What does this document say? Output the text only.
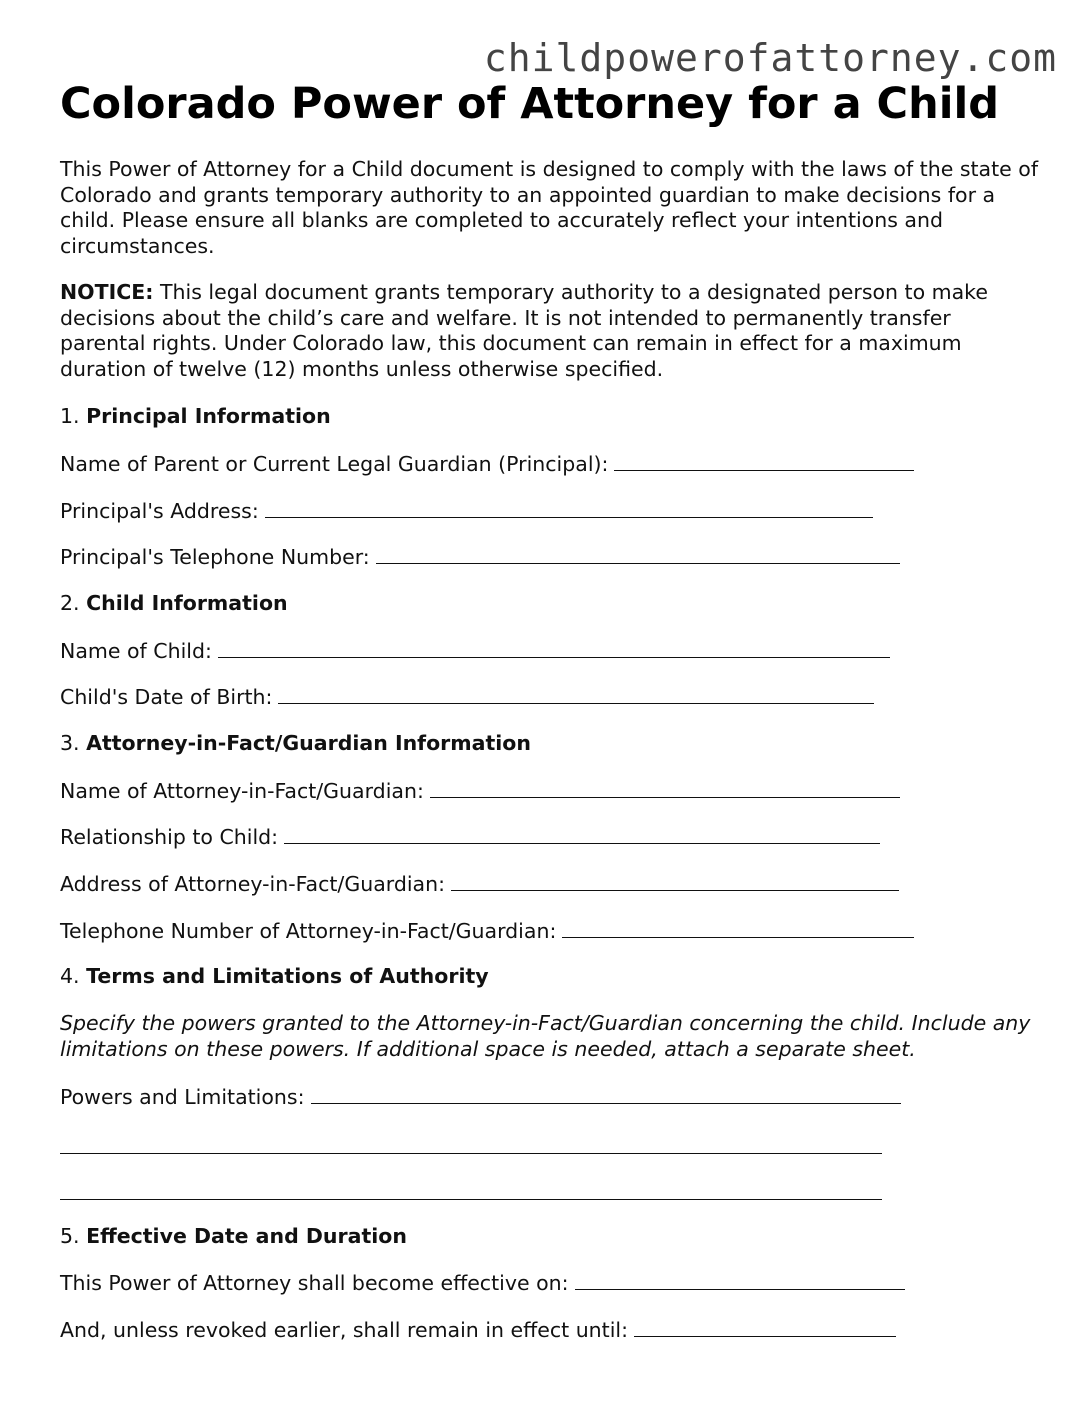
childpowerofattorney.com
Colorado Power of Attorney for a Child

This Power of Attorney for a Child document is designed to comply with the laws of the state of Colorado and grants temporary authority to an appointed guardian to make decisions for a child. Please ensure all blanks are completed to accurately reflect your intentions and circumstances.

NOTICE: This legal document grants temporary authority to a designated person to make decisions about the child’s care and welfare. It is not intended to permanently transfer parental rights. Under Colorado law, this document can remain in effect for a maximum duration of twelve (12) months unless otherwise specified.

1. Principal Information
Name of Parent or Current Legal Guardian (Principal):
Principal's Address:
Principal's Telephone Number:
2. Child Information
Name of Child:
Child's Date of Birth:
3. Attorney-in-Fact/Guardian Information
Name of Attorney-in-Fact/Guardian:
Relationship to Child:
Address of Attorney-in-Fact/Guardian:
Telephone Number of Attorney-in-Fact/Guardian:
4. Terms and Limitations of Authority

Specify the powers granted to the Attorney-in-Fact/Guardian concerning the child. Include any limitations on these powers. If additional space is needed, attach a separate sheet.

Powers and Limitations:
5. Effective Date and Duration
This Power of Attorney shall become effective on:
And, unless revoked earlier, shall remain in effect until:
